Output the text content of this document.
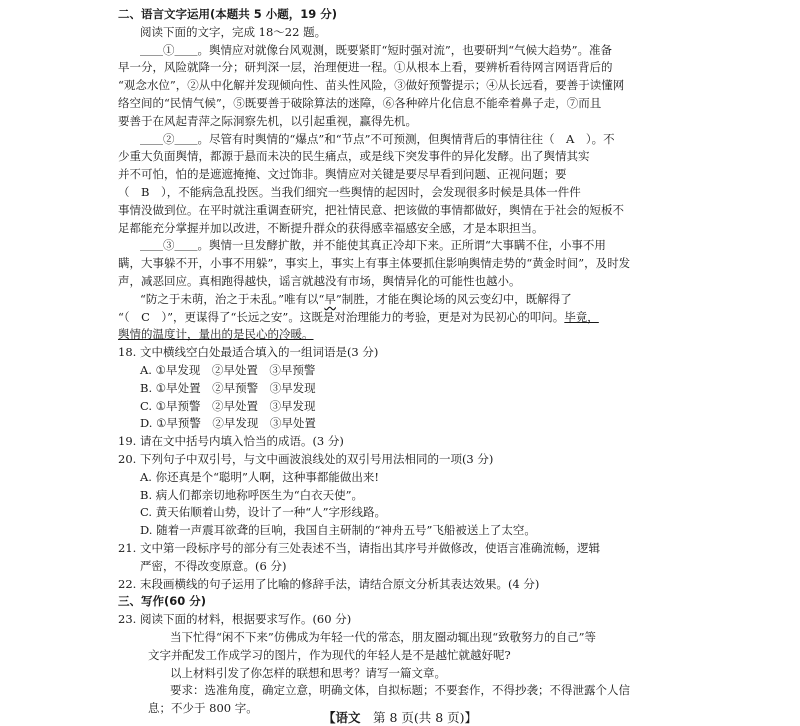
二、语言文字运用(本题共 5 小题，19 分)
阅读下面的文字，完成 18～22 题。
＿＿①＿＿。舆情应对就像台风观测，既要紧盯“短时强对流”，也要研判“气候大趋势”。准备
早一分，风险就降一分；研判深一层，治理便进一程。①从根本上看，要辨析看待网言网语背后的
“观念水位”，②从中化解并发现倾向性、苗头性风险，③做好预警提示；④从长远看，要善于读懂网
络空间的“民情气候”，⑤既要善于破除算法的迷障，⑥各种碎片化信息不能牵着鼻子走，⑦而且
要善于在风起青萍之际洞察先机，以引起重视，赢得先机。
＿＿②＿＿。尽管有时舆情的“爆点”和“节点”不可预测，但舆情背后的事情往往（　A　）。不
少重大负面舆情，都源于悬而未决的民生痛点，或是线下突发事件的异化发酵。出了舆情其实
并不可怕，怕的是遮遮掩掩、文过饰非。舆情应对关键是要尽早看到问题、正视问题；要
（　B　），不能病急乱投医。当我们细究一些舆情的起因时，会发现很多时候是具体一件件
事情没做到位。在平时就注重调查研究，把社情民意、把该做的事情都做好，舆情在于社会的短板不
足都能充分掌握并加以改进，不断提升群众的获得感幸福感安全感，才是本职担当。
＿＿③＿＿。舆情一旦发酵扩散，并不能使其真正冷却下来。正所谓“大事瞒不住，小事不用
瞒，大事躲不开，小事不用躲”，事实上，事实上有事主体要抓住影响舆情走势的“黄金时间”，及时发
声，减恶回应。真相跑得越快，谣言就越没有市场，舆情异化的可能性也越小。
“防之于未萌，治之于未乱。”唯有以“早”制胜，才能在舆论场的风云变幻中，既解得了
“（　C　）”，更谋得了“长远之安”。这既是对治理能力的考验，更是对为民初心的叩问。毕竟，
舆情的温度计，量出的是民心的冷暖。
18. 文中横线空白处最适合填入的一组词语是(3 分)
A. ①早发现　②早处置　③早预警
B. ①早处置　②早预警　③早发现
C. ①早预警　②早处置　③早发现
D. ①早预警　②早发现　③早处置
19. 请在文中括号内填入恰当的成语。(3 分)
20. 下列句子中双引号，与文中画波浪线处的双引号用法相同的一项(3 分)
A. 你还真是个“聪明”人啊，这种事都能做出来!
B. 病人们都亲切地称呼医生为“白衣天使”。
C. 黄天佑顺着山势，设计了一种“人”字形线路。
D. 随着一声震耳欲聋的巨响，我国自主研制的“神舟五号”飞船被送上了太空。
21. 文中第一段标序号的部分有三处表述不当，请指出其序号并做修改，使语言准确流畅，逻辑
严密，不得改变原意。(6 分)
22. 末段画横线的句子运用了比喻的修辞手法，请结合原文分析其表达效果。(4 分)
三、写作(60 分)
23. 阅读下面的材料，根据要求写作。(60 分)
【语文　 第 8 页(共 8 页)】
当下忙得“闲不下来”仿佛成为年轻一代的常态，朋友圈动辄出现“致敬努力的自己”等
文字并配发工作成学习的图片，作为现代的年轻人是不是越忙就越好呢?
以上材料引发了你怎样的联想和思考？请写一篇文章。
要求：选准角度，确定立意，明确文体，自拟标题；不要套作，不得抄袭；不得泄露个人信
息；不少于 800 字。
